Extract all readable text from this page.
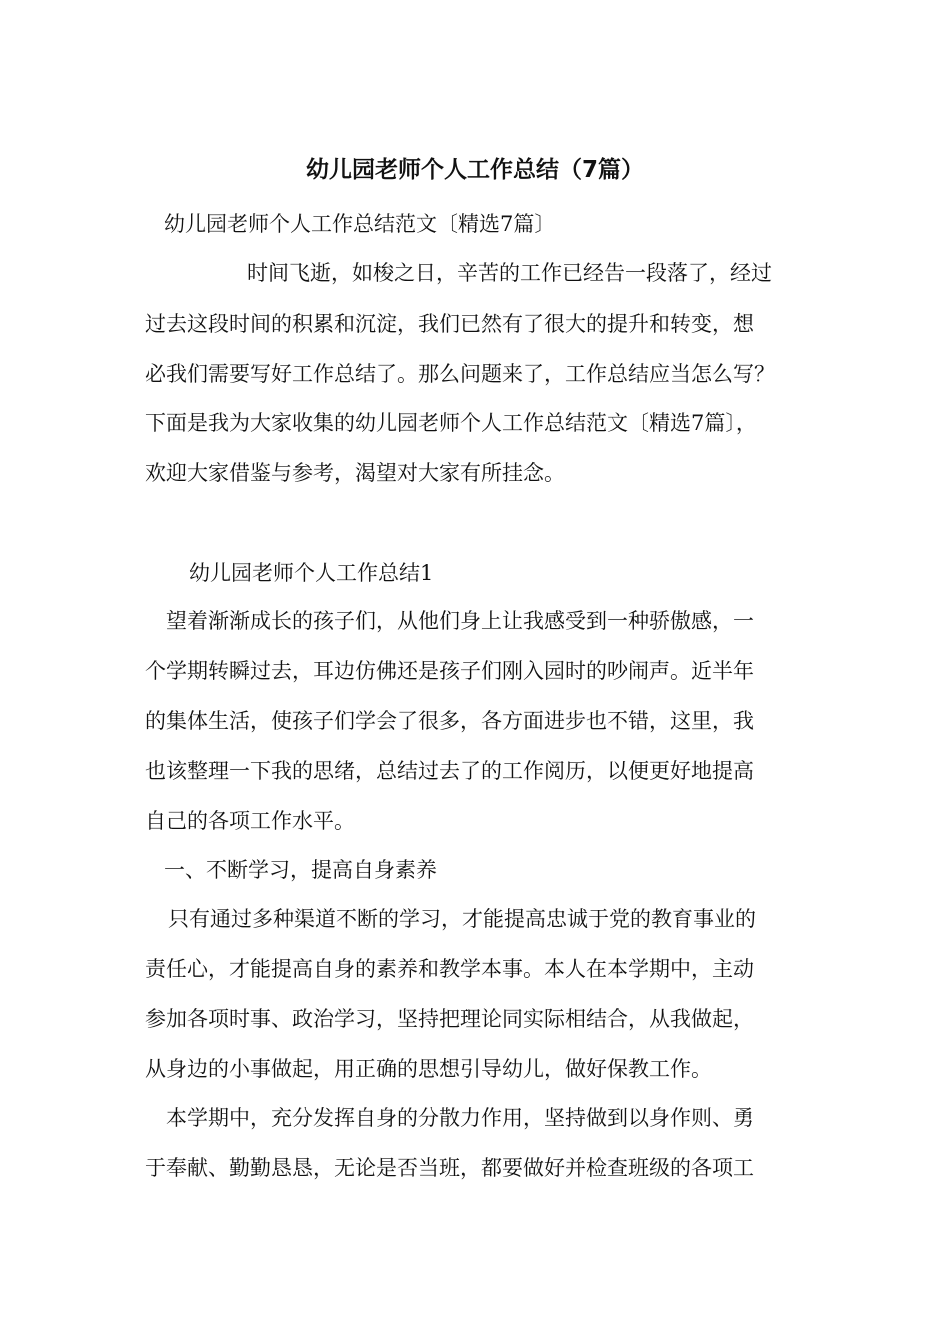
幼儿园老师个人工作总结（7篇）
幼儿园老师个人工作总结范文〔精选7篇〕
时间飞逝，如梭之日，辛苦的工作已经告一段落了，经过
过去这段时间的积累和沉淀，我们已然有了很大的提升和转变，想
必我们需要写好工作总结了。那么问题来了，工作总结应当怎么写？
下面是我为大家收集的幼儿园老师个人工作总结范文〔精选7篇〕，
欢迎大家借鉴与参考，渴望对大家有所挂念。
幼儿园老师个人工作总结1
望着渐渐成长的孩子们，从他们身上让我感受到一种骄傲感，一
个学期转瞬过去，耳边仿佛还是孩子们刚入园时的吵闹声。近半年
的集体生活，使孩子们学会了很多，各方面进步也不错，这里，我
也该整理一下我的思绪，总结过去了的工作阅历，以便更好地提高
自己的各项工作水平。
一、不断学习，提高自身素养
只有通过多种渠道不断的学习，才能提高忠诚于党的教育事业的
责任心，才能提高自身的素养和教学本事。本人在本学期中，主动
参加各项时事、政治学习，坚持把理论同实际相结合，从我做起，
从身边的小事做起，用正确的思想引导幼儿，做好保教工作。
本学期中，充分发挥自身的分散力作用，坚持做到以身作则、勇
于奉献、勤勤恳恳，无论是否当班，都要做好并检查班级的各项工
